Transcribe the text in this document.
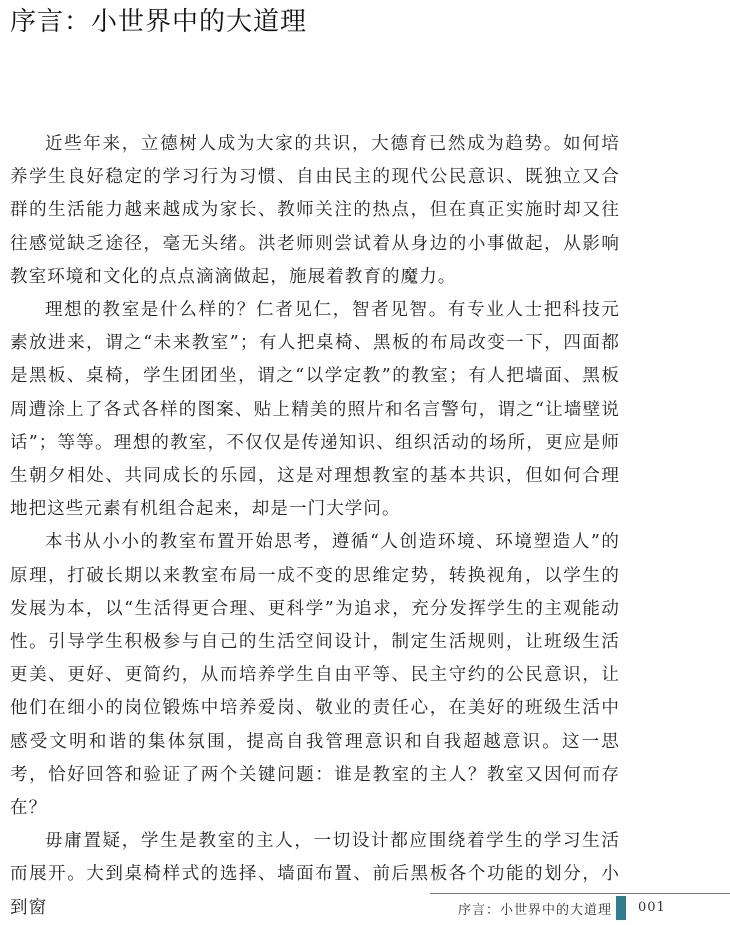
序言：小世界中的大道理

近些年来，立德树人成为大家的共识，大德育已然成为趋势。如何培养学生良好稳定的学习行为习惯、自由民主的现代公民意识、既独立又合群的生活能力越来越成为家长、教师关注的热点，但在真正实施时却又往往感觉缺乏途径，毫无头绪。洪老师则尝试着从身边的小事做起，从影响教室环境和文化的点点滴滴做起，施展着教育的魔力。

理想的教室是什么样的？仁者见仁，智者见智。有专业人士把科技元素放进来，谓之“未来教室”；有人把桌椅、黑板的布局改变一下，四面都是黑板、桌椅，学生团团坐，谓之“以学定教”的教室；有人把墙面、黑板周遭涂上了各式各样的图案、贴上精美的照片和名言警句，谓之“让墙壁说话”；等等。理想的教室，不仅仅是传递知识、组织活动的场所，更应是师生朝夕相处、共同成长的乐园，这是对理想教室的基本共识，但如何合理地把这些元素有机组合起来，却是一门大学问。

本书从小小的教室布置开始思考，遵循“人创造环境、环境塑造人”的原理，打破长期以来教室布局一成不变的思维定势，转换视角，以学生的发展为本，以“生活得更合理、更科学”为追求，充分发挥学生的主观能动性。引导学生积极参与自己的生活空间设计，制定生活规则，让班级生活更美、更好、更简约，从而培养学生自由平等、民主守约的公民意识，让他们在细小的岗位锻炼中培养爱岗、敬业的责任心，在美好的班级生活中感受文明和谐的集体氛围，提高自我管理意识和自我超越意识。这一思考，恰好回答和验证了两个关键问题：谁是教室的主人？教室又因何而存在？

毋庸置疑，学生是教室的主人，一切设计都应围绕着学生的学习生活而展开。大到桌椅样式的选择、墙面布置、前后黑板各个功能的划分，小到窗	序言：小世界中的大道理 001
